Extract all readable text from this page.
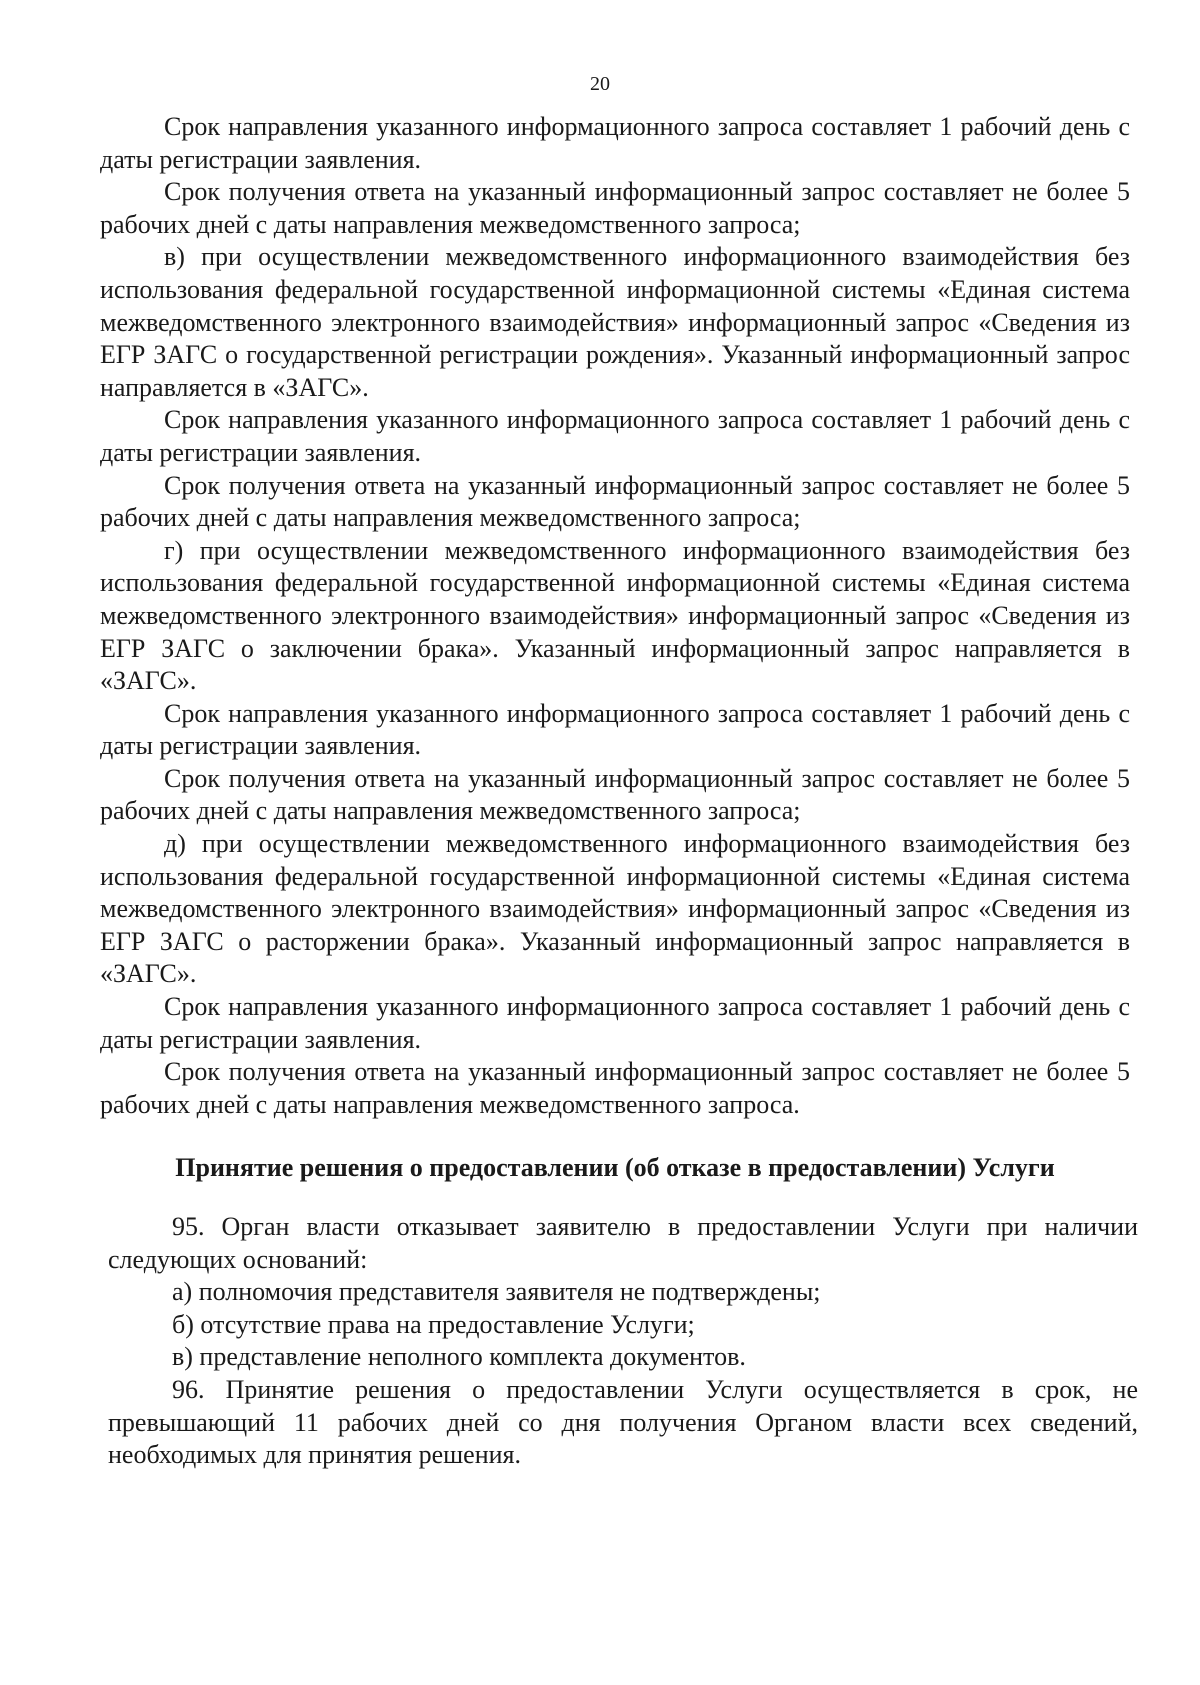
20

Срок направления указанного информационного запроса составляет 1 рабочий день с даты регистрации заявления.

Срок получения ответа на указанный информационный запрос составляет не более 5 рабочих дней с даты направления межведомственного запроса;

в) при осуществлении межведомственного информационного взаимодействия без использования федеральной государственной информационной системы «Единая система межведомственного электронного взаимодействия» информационный запрос «Сведения из ЕГР ЗАГС о государственной регистрации рождения». Указанный информационный запрос направляется в «ЗАГС».

Срок направления указанного информационного запроса составляет 1 рабочий день с даты регистрации заявления.

Срок получения ответа на указанный информационный запрос составляет не более 5 рабочих дней с даты направления межведомственного запроса;

г) при осуществлении межведомственного информационного взаимодействия без использования федеральной государственной информационной системы «Единая система межведомственного электронного взаимодействия» информационный запрос «Сведения из ЕГР ЗАГС о заключении брака». Указанный информационный запрос направляется в «ЗАГС».

Срок направления указанного информационного запроса составляет 1 рабочий день с даты регистрации заявления.

Срок получения ответа на указанный информационный запрос составляет не более 5 рабочих дней с даты направления межведомственного запроса;

д) при осуществлении межведомственного информационного взаимодействия без использования федеральной государственной информационной системы «Единая система межведомственного электронного взаимодействия» информационный запрос «Сведения из ЕГР ЗАГС о расторжении брака». Указанный информационный запрос направляется в «ЗАГС».

Срок направления указанного информационного запроса составляет 1 рабочий день с даты регистрации заявления.

Срок получения ответа на указанный информационный запрос составляет не более 5 рабочих дней с даты направления межведомственного запроса.

Принятие решения о предоставлении (об отказе в предоставлении) Услуги

95. Орган власти отказывает заявителю в предоставлении Услуги при наличии следующих оснований:

а) полномочия представителя заявителя не подтверждены;

б) отсутствие права на предоставление Услуги;

в) представление неполного комплекта документов.

96. Принятие решения о предоставлении Услуги осуществляется в срок, не превышающий 11 рабочих дней со дня получения Органом власти всех сведений, необходимых для принятия решения.
